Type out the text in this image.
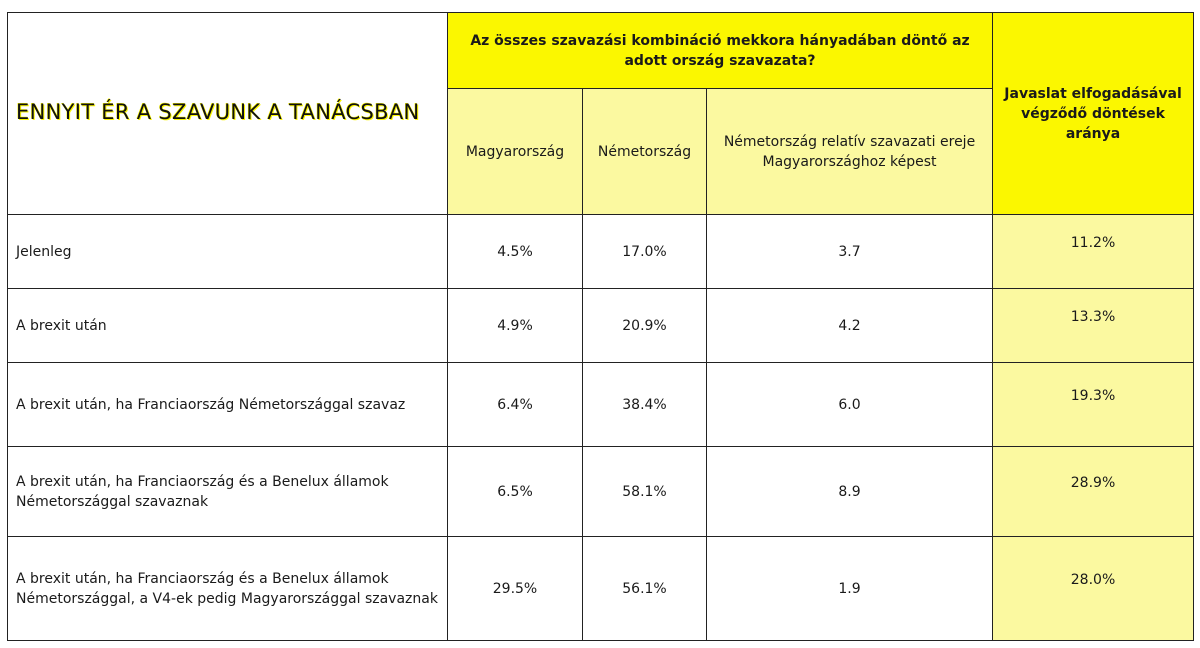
ENNYIT ÉR A SZAVUNK A TANÁCSBAN	Az összes szavazási kombináció mekkora hányadában döntő az adott ország szavazata?			Javaslat elfogadásával végződő döntések aránya
	Magyarország	Németország	Németország relatív szavazati ereje Magyarországhoz képest	
Jelenleg	4.5%	17.0%	3.7	11.2%
A brexit után	4.9%	20.9%	4.2	13.3%
A brexit után, ha Franciaország Németországgal szavaz	6.4%	38.4%	6.0	19.3%
A brexit után, ha Franciaország és a Benelux államok Németországgal szavaznak	6.5%	58.1%	8.9	28.9%
A brexit után, ha Franciaország és a Benelux államok Németországgal, a V4-ek pedig Magyarországgal szavaznak	29.5%	56.1%	1.9	28.0%
